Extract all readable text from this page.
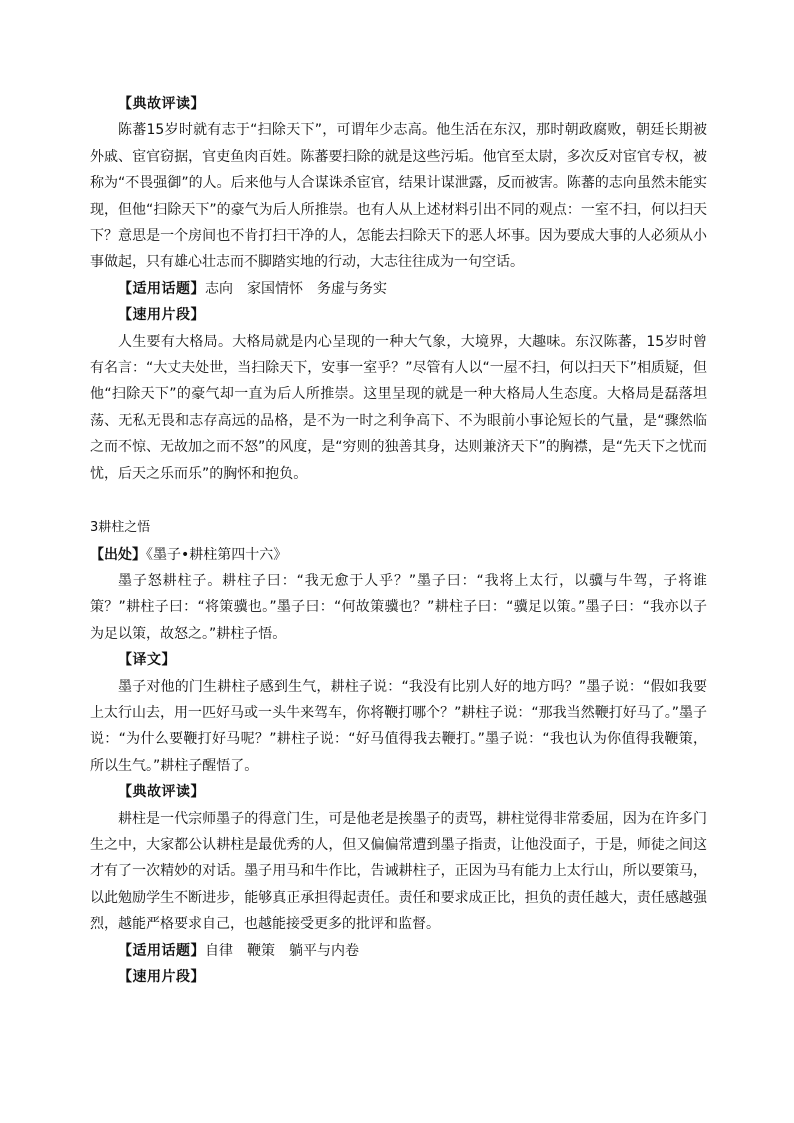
【典故评读】

陈蕃15岁时就有志于“扫除天下”，可谓年少志高。他生活在东汉，那时朝政腐败，朝廷长期被外戚、宦官窃据，官吏鱼肉百姓。陈蕃要扫除的就是这些污垢。他官至太尉，多次反对宦官专权，被称为“不畏强御”的人。后来他与人合谋诛杀宦官，结果计谋泄露，反而被害。陈蕃的志向虽然未能实现，但他“扫除天下”的豪气为后人所推崇。也有人从上述材料引出不同的观点：一室不扫，何以扫天下？意思是一个房间也不肯打扫干净的人，怎能去扫除天下的恶人坏事。因为要成大事的人必须从小事做起，只有雄心壮志而不脚踏实地的行动，大志往往成为一句空话。

【适用话题】志向　家国情怀　务虚与务实

【速用片段】

人生要有大格局。大格局就是内心呈现的一种大气象，大境界，大趣味。东汉陈蕃，15岁时曾有名言：“大丈夫处世，当扫除天下，安事一室乎？”尽管有人以“一屋不扫，何以扫天下”相质疑，但他“扫除天下”的豪气却一直为后人所推崇。这里呈现的就是一种大格局人生态度。大格局是磊落坦荡、无私无畏和志存高远的品格，是不为一时之利争高下、不为眼前小事论短长的气量，是“骤然临之而不惊、无故加之而不怒”的风度，是“穷则的独善其身，达则兼济天下”的胸襟，是“先天下之忧而忧，后天之乐而乐”的胸怀和抱负。

3耕柱之悟

【出处】《墨子•耕柱第四十六》

墨子怒耕柱子。耕柱子曰：“我无愈于人乎？”墨子曰：“我将上太行，以骥与牛驾，子将谁策？”耕柱子曰：“将策骥也。”墨子曰：“何故策骥也？”耕柱子曰：“骥足以策。”墨子曰：“我亦以子为足以策，故怒之。”耕柱子悟。

【译文】

墨子对他的门生耕柱子感到生气，耕柱子说：“我没有比别人好的地方吗？”墨子说：“假如我要上太行山去，用一匹好马或一头牛来驾车，你将鞭打哪个？”耕柱子说：“那我当然鞭打好马了。”墨子说：“为什么要鞭打好马呢？”耕柱子说：“好马值得我去鞭打。”墨子说：“我也认为你值得我鞭策，所以生气。”耕柱子醒悟了。

【典故评读】

耕柱是一代宗师墨子的得意门生，可是他老是挨墨子的责骂，耕柱觉得非常委屈，因为在许多门生之中，大家都公认耕柱是最优秀的人，但又偏偏常遭到墨子指责，让他没面子，于是，师徒之间这才有了一次精妙的对话。墨子用马和牛作比，告诫耕柱子，正因为马有能力上太行山，所以要策马，以此勉励学生不断进步，能够真正承担得起责任。责任和要求成正比，担负的责任越大，责任感越强烈，越能严格要求自己，也越能接受更多的批评和监督。

【适用话题】自律　鞭策　躺平与内卷

【速用片段】
